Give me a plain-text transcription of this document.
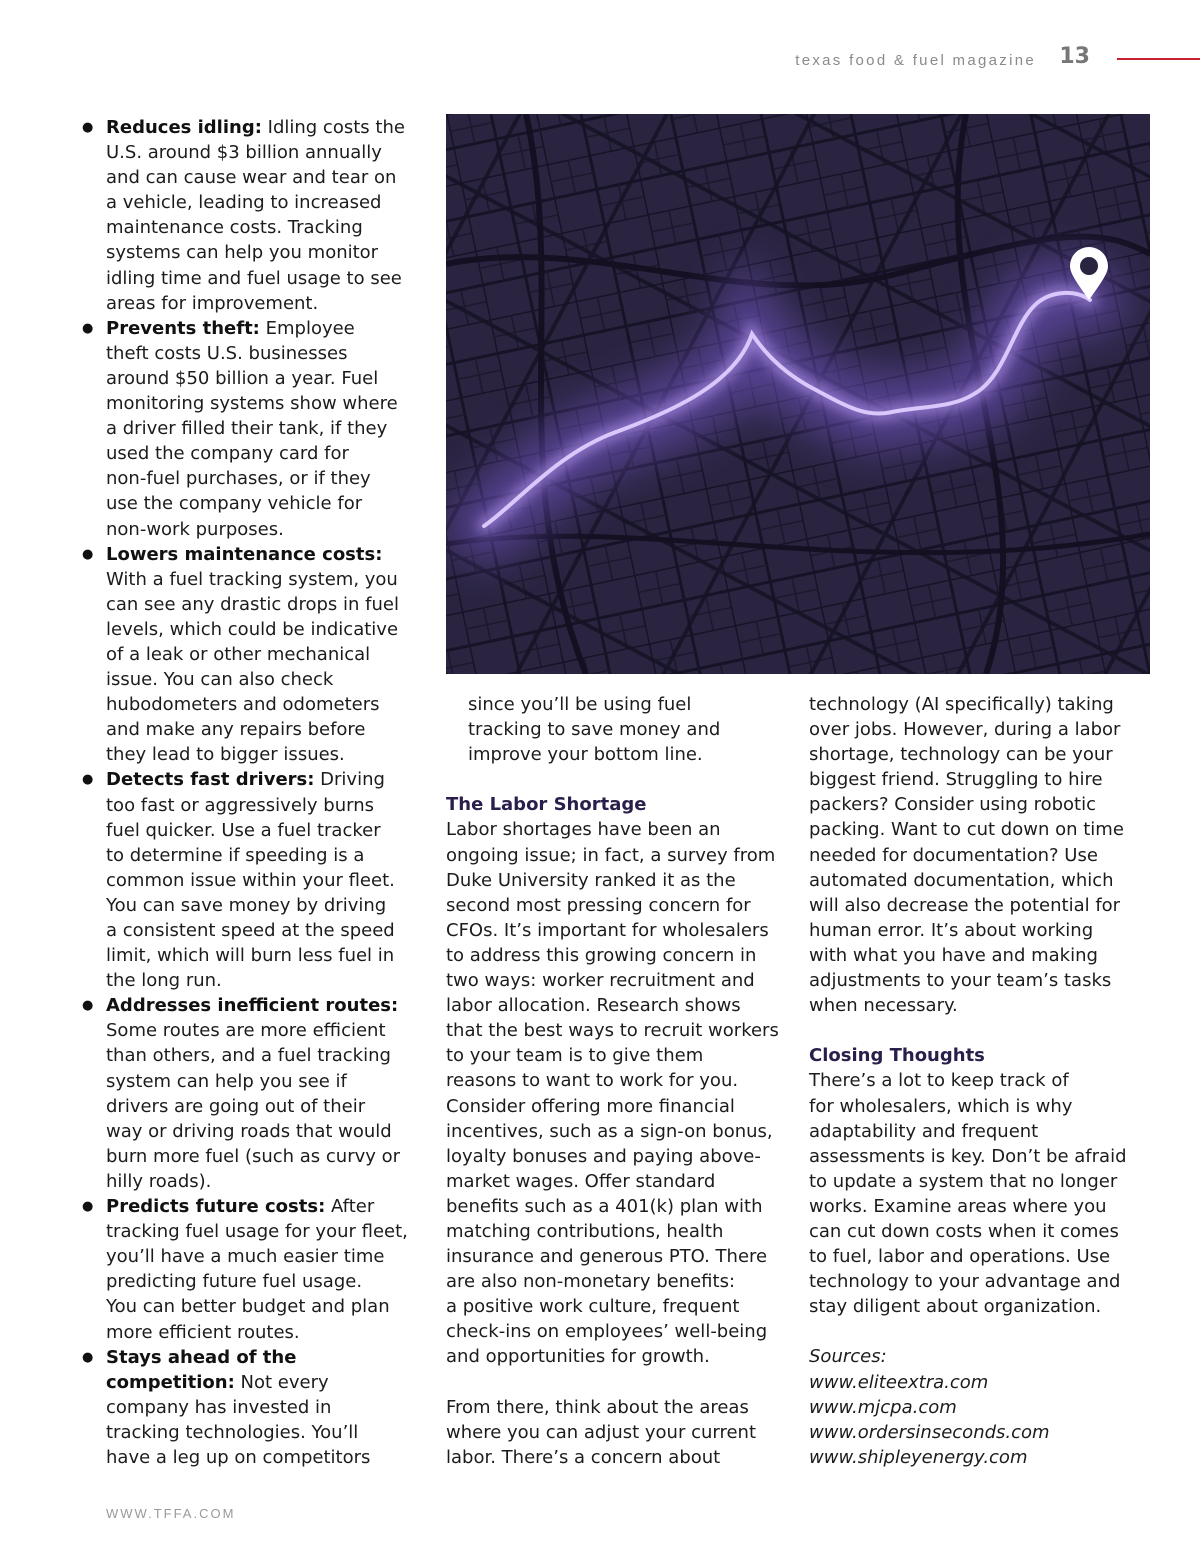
texas food & fuel magazine 13
● Reduces idling: Idling costs the
U.S. around $3 billion annually
and can cause wear and tear on
a vehicle, leading to increased
maintenance costs. Tracking
systems can help you monitor
idling time and fuel usage to see
areas for improvement.
● Prevents theft: Employee
theft costs U.S. businesses
around $50 billion a year. Fuel
monitoring systems show where
a driver filled their tank, if they
used the company card for
non-fuel purchases, or if they
use the company vehicle for
non-work purposes.
● Lowers maintenance costs:
With a fuel tracking system, you
can see any drastic drops in fuel
levels, which could be indicative
of a leak or other mechanical
issue. You can also check
hubodometers and odometers
and make any repairs before
they lead to bigger issues.
● Detects fast drivers: Driving
too fast or aggressively burns
fuel quicker. Use a fuel tracker
to determine if speeding is a
common issue within your fleet.
You can save money by driving
a consistent speed at the speed
limit, which will burn less fuel in
the long run.
● Addresses inefficient routes:
Some routes are more efficient
than others, and a fuel tracking
system can help you see if
drivers are going out of their
way or driving roads that would
burn more fuel (such as curvy or
hilly roads).
● Predicts future costs: After
tracking fuel usage for your fleet,
you’ll have a much easier time
predicting future fuel usage.
You can better budget and plan
more efficient routes.
● Stays ahead of the
competition: Not every
company has invested in
tracking technologies. You’ll
have a leg up on competitors
since you’ll be using fuel
tracking to save money and
improve your bottom line.
The Labor Shortage
Labor shortages have been an
ongoing issue; in fact, a survey from
Duke University ranked it as the
second most pressing concern for
CFOs. It’s important for wholesalers
to address this growing concern in
two ways: worker recruitment and
labor allocation. Research shows
that the best ways to recruit workers
to your team is to give them
reasons to want to work for you.
Consider offering more financial
incentives, such as a sign-on bonus,
loyalty bonuses and paying above-
market wages. Offer standard
benefits such as a 401(k) plan with
matching contributions, health
insurance and generous PTO. There
are also non-monetary benefits:
a positive work culture, frequent
check-ins on employees’ well-being
and opportunities for growth.
From there, think about the areas
where you can adjust your current
labor. There’s a concern about
technology (AI specifically) taking
over jobs. However, during a labor
shortage, technology can be your
biggest friend. Struggling to hire
packers? Consider using robotic
packing. Want to cut down on time
needed for documentation? Use
automated documentation, which
will also decrease the potential for
human error. It’s about working
with what you have and making
adjustments to your team’s tasks
when necessary.
Closing Thoughts
There’s a lot to keep track of
for wholesalers, which is why
adaptability and frequent
assessments is key. Don’t be afraid
to update a system that no longer
works. Examine areas where you
can cut down costs when it comes
to fuel, labor and operations. Use
technology to your advantage and
stay diligent about organization.
Sources:
www.eliteextra.com
www.mjcpa.com
www.ordersinseconds.com
www.shipleyenergy.com
WWW.TFFA.COM
